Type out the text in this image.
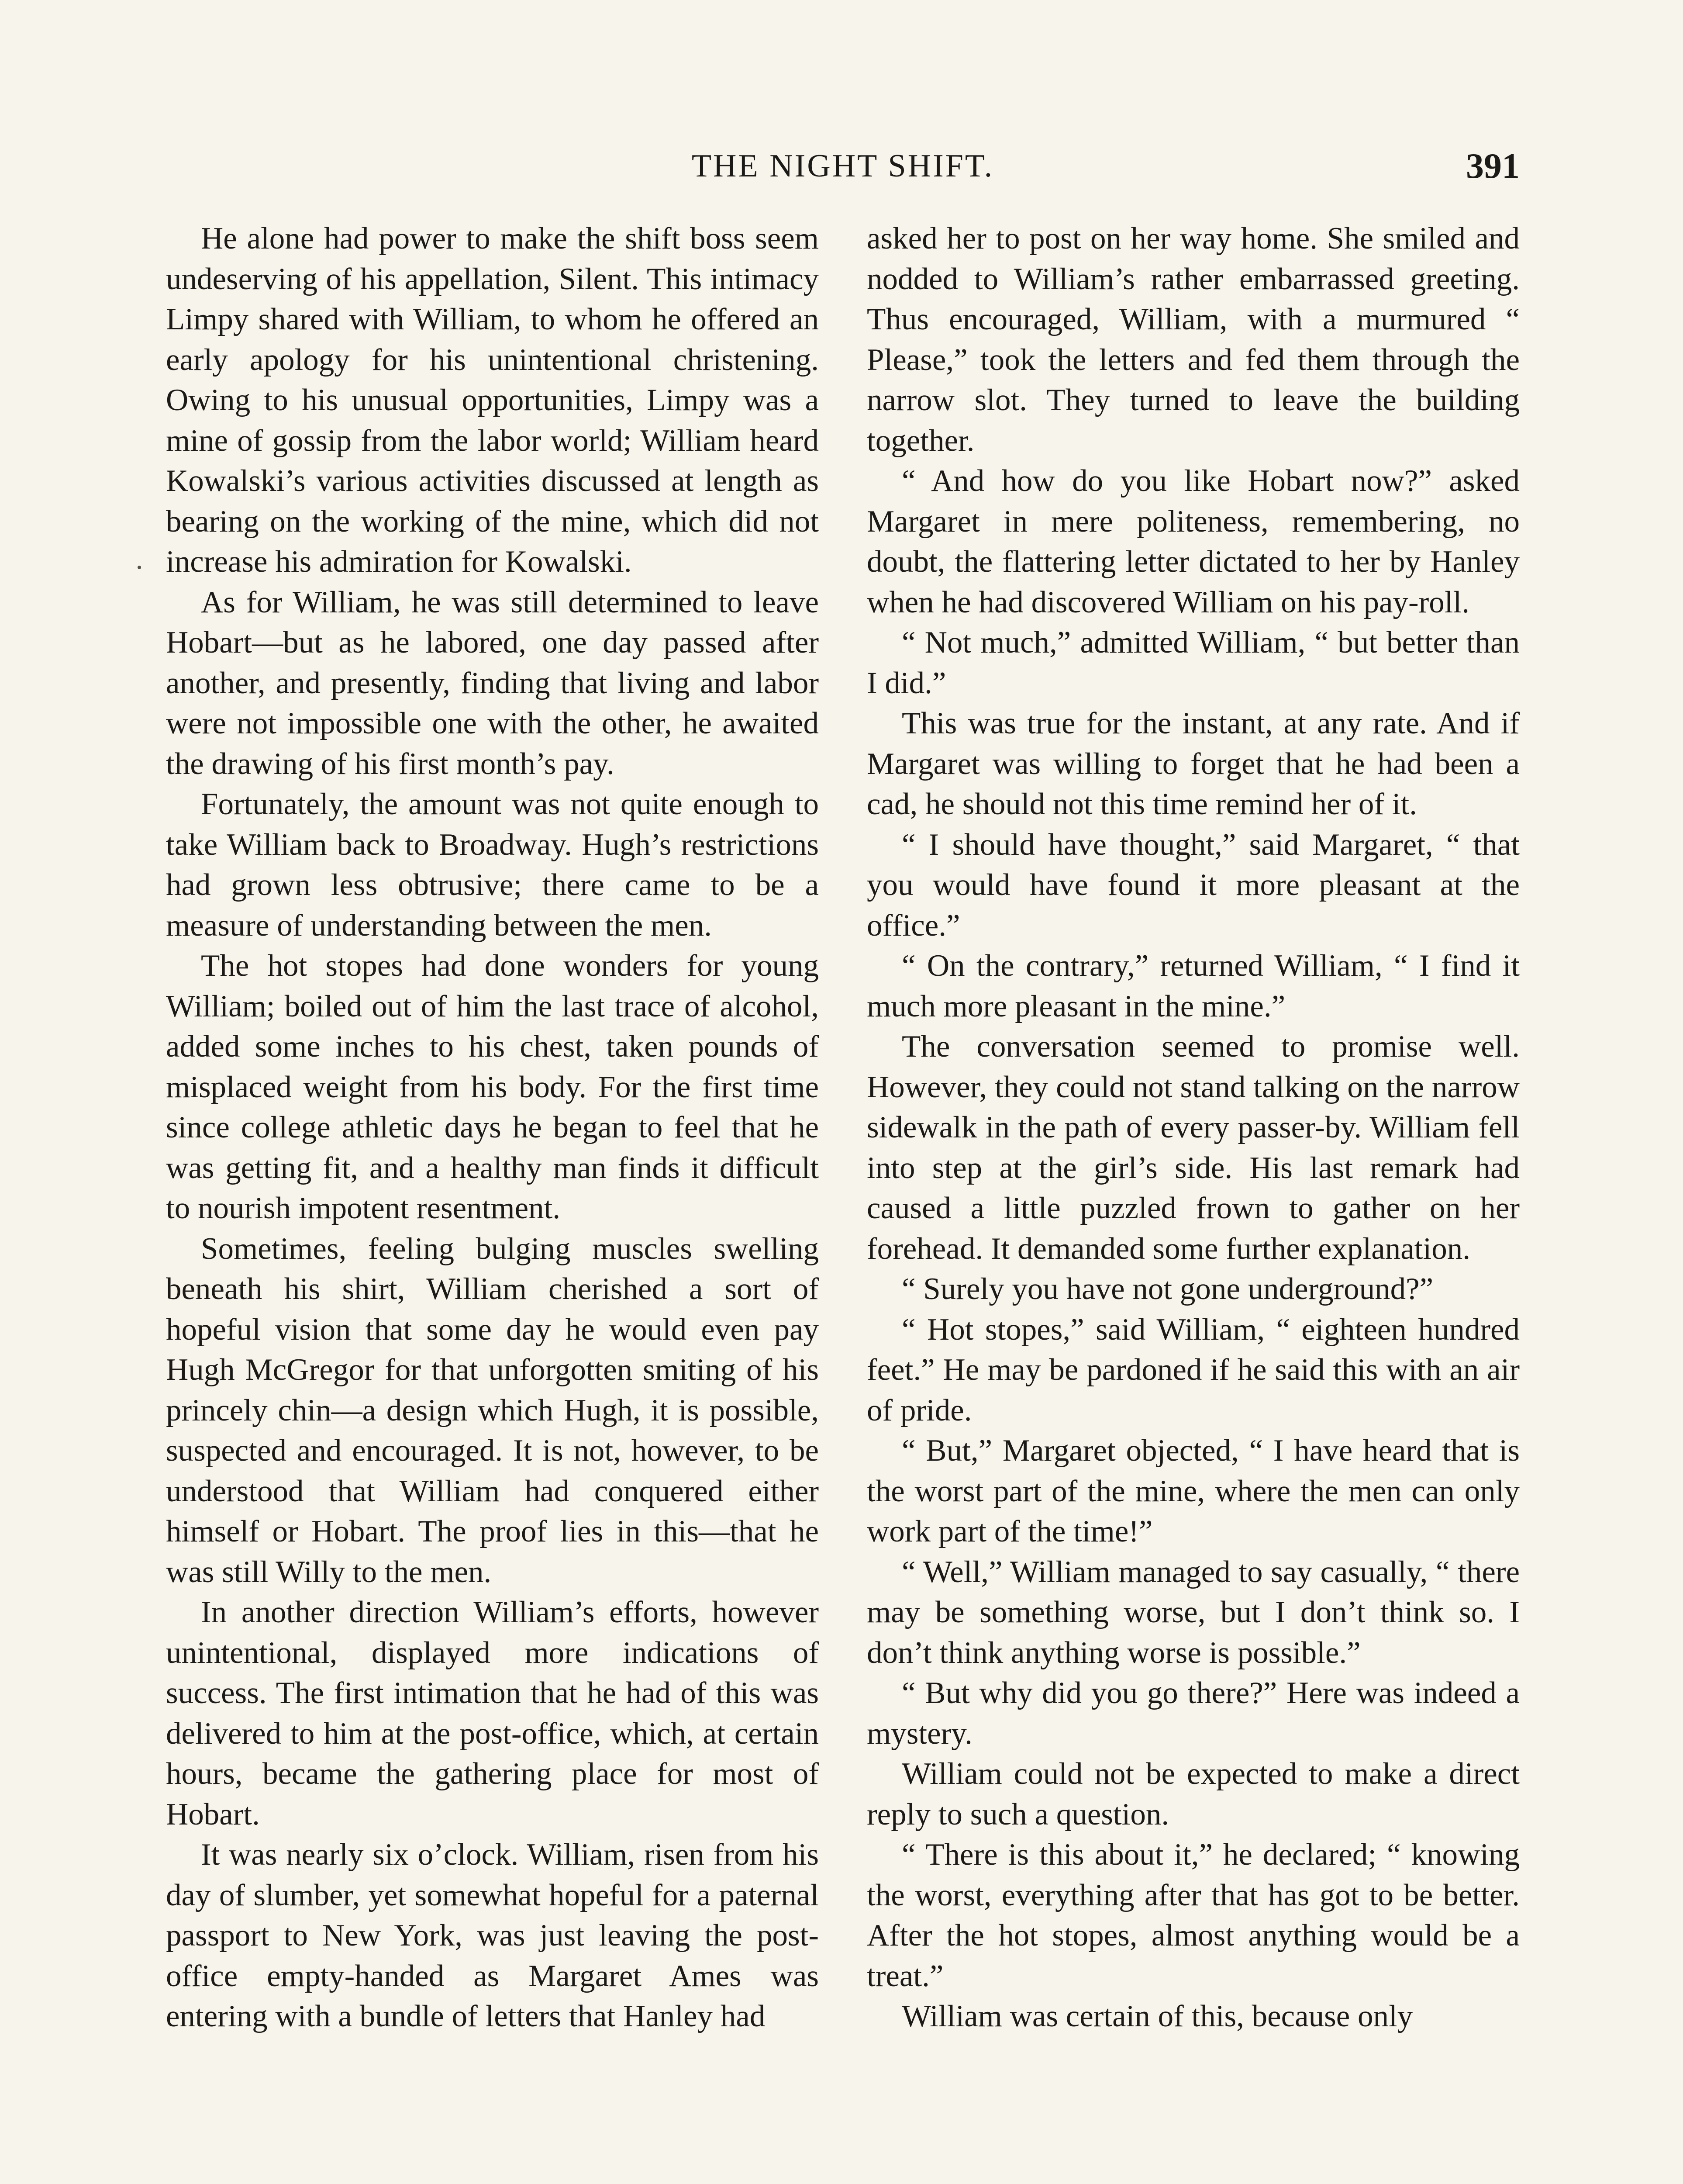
THE NIGHT SHIFT.	391

He alone had power to make the shift boss seem undeserving of his appellation, Silent. This intimacy Limpy shared with William, to whom he offered an early apology for his unintentional christening. Owing to his unusual opportunities, Limpy was a mine of gossip from the labor world; William heard Kowalski’s various activities discussed at length as bearing on the working of the mine, which did not increase his admiration for Kowalski.

As for William, he was still determined to leave Hobart—but as he labored, one day passed after another, and presently, finding that living and labor were not impossible one with the other, he awaited the drawing of his first month’s pay.

Fortunately, the amount was not quite enough to take William back to Broadway. Hugh’s restrictions had grown less obtrusive; there came to be a measure of understanding between the men.

The hot stopes had done wonders for young William; boiled out of him the last trace of alcohol, added some inches to his chest, taken pounds of misplaced weight from his body. For the first time since college athletic days he began to feel that he was getting fit, and a healthy man finds it difficult to nourish impotent resentment.

Sometimes, feeling bulging muscles swelling beneath his shirt, William cherished a sort of hopeful vision that some day he would even pay Hugh McGregor for that unforgotten smiting of his princely chin—a design which Hugh, it is possible, suspected and encouraged. It is not, however, to be understood that William had conquered either himself or Hobart. The proof lies in this—that he was still Willy to the men.

In another direction William’s efforts, however unintentional, displayed more indications of success. The first intimation that he had of this was delivered to him at the post-office, which, at certain hours, became the gathering place for most of Hobart.

It was nearly six o’clock. William, risen from his day of slumber, yet somewhat hopeful for a paternal passport to New York, was just leaving the post-office empty-handed as Margaret Ames was entering with a bundle of letters that Hanley had

asked her to post on her way home. She smiled and nodded to William’s rather embarrassed greeting. Thus encouraged, William, with a murmured “ Please,” took the letters and fed them through the narrow slot. They turned to leave the building together.

“ And how do you like Hobart now?” asked Margaret in mere politeness, remembering, no doubt, the flattering letter dictated to her by Hanley when he had discovered William on his pay-roll.

“ Not much,” admitted William, “ but better than I did.”

This was true for the instant, at any rate. And if Margaret was willing to forget that he had been a cad, he should not this time remind her of it.

“ I should have thought,” said Margaret, “ that you would have found it more pleasant at the office.”

“ On the contrary,” returned William, “ I find it much more pleasant in the mine.”

The conversation seemed to promise well. However, they could not stand talking on the narrow sidewalk in the path of every passer-by. William fell into step at the girl’s side. His last remark had caused a little puzzled frown to gather on her forehead. It demanded some further explanation.

“ Surely you have not gone underground?”

“ Hot stopes,” said William, “ eighteen hundred feet.” He may be pardoned if he said this with an air of pride.

“ But,” Margaret objected, “ I have heard that is the worst part of the mine, where the men can only work part of the time!”

“ Well,” William managed to say casually, “ there may be something worse, but I don’t think so. I don’t think anything worse is possible.”

“ But why did you go there?” Here was indeed a mystery.

William could not be expected to make a direct reply to such a question.

“ There is this about it,” he declared; “ knowing the worst, everything after that has got to be better. After the hot stopes, almost anything would be a treat.”

William was certain of this, because only
